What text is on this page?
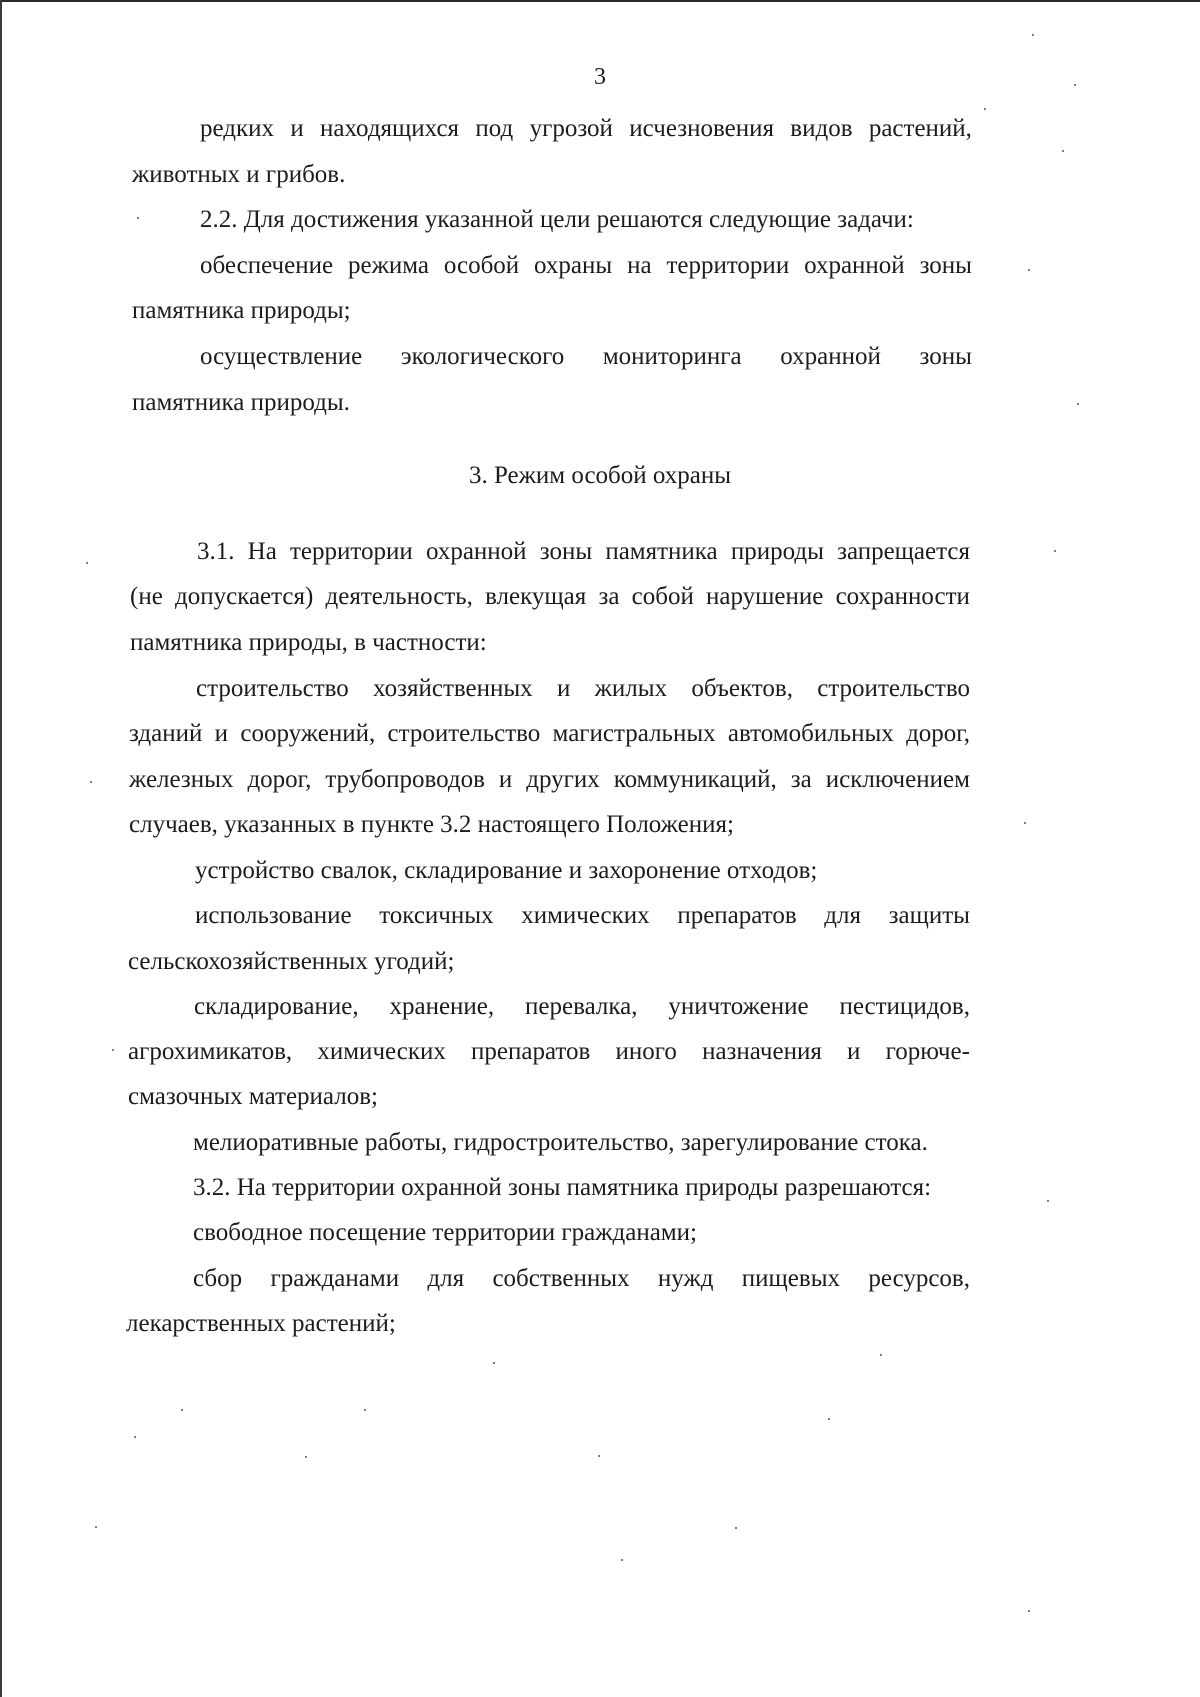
3
редких и находящихся под угрозой исчезновения видов растений,
животных и грибов.
2.2. Для достижения указанной цели решаются следующие задачи:
обеспечение режима особой охраны на территории охранной зоны
памятника природы;
осуществление экологического мониторинга охранной зоны
памятника природы.
3. Режим особой охраны
3.1. На территории охранной зоны памятника природы запрещается
(не допускается) деятельность, влекущая за собой нарушение сохранности
памятника природы, в частности:
строительство хозяйственных и жилых объектов, строительство
зданий и сооружений, строительство магистральных автомобильных дорог,
железных дорог, трубопроводов и других коммуникаций, за исключением
случаев, указанных в пункте 3.2 настоящего Положения;
устройство свалок, складирование и захоронение отходов;
использование токсичных химических препаратов для защиты
сельскохозяйственных угодий;
складирование, хранение, перевалка, уничтожение пестицидов,
агрохимикатов, химических препаратов иного назначения и горюче-
смазочных материалов;
мелиоративные работы, гидростроительство, зарегулирование стока.
3.2. На территории охранной зоны памятника природы разрешаются:
свободное посещение территории гражданами;
сбор гражданами для собственных нужд пищевых ресурсов,
лекарственных растений;
